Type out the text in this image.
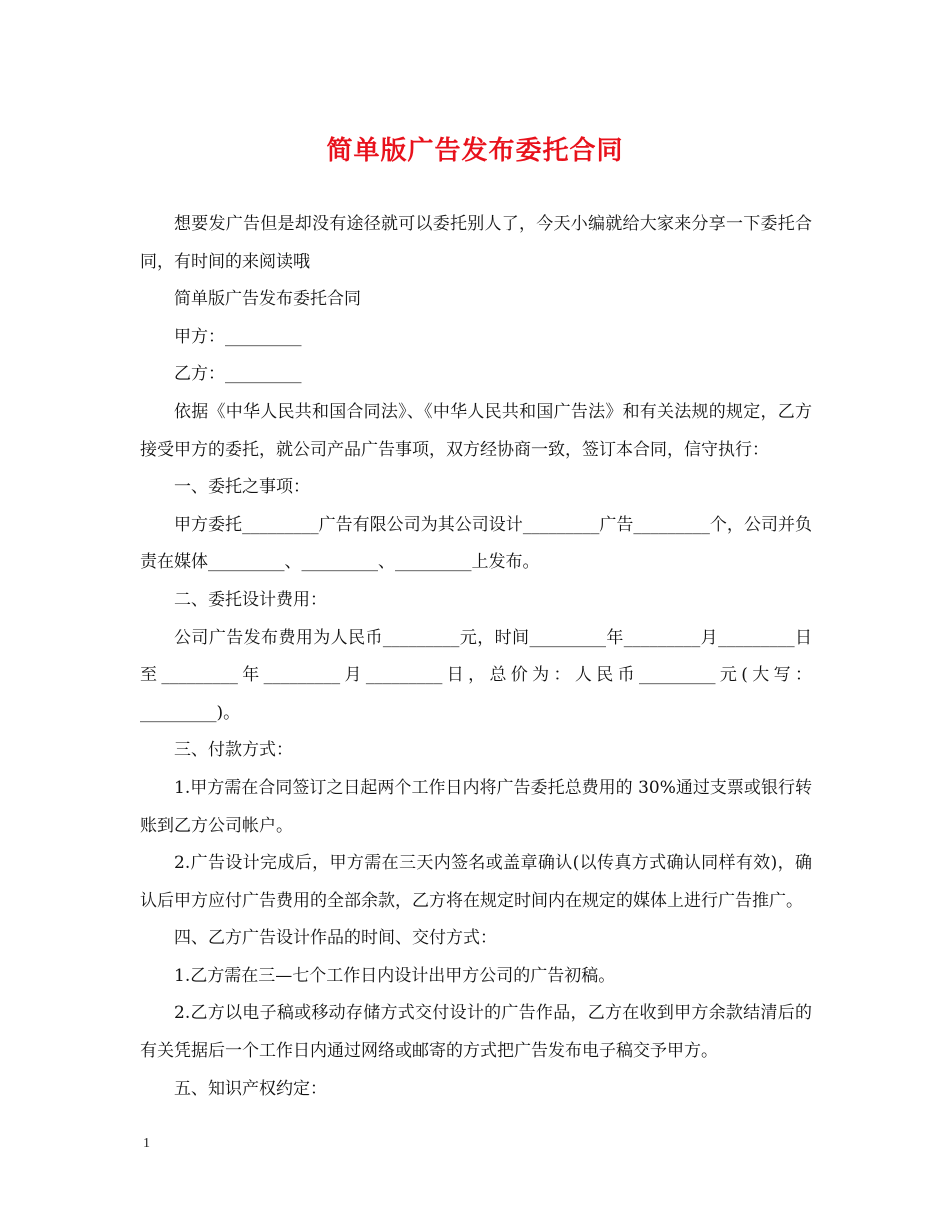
简单版广告发布委托合同

想要发广告但是却没有途径就可以委托别人了，今天小编就给大家来分享一下委托合同，有时间的来阅读哦

简单版广告发布委托合同

甲方：_________

乙方：_________

依据《中华人民共和国合同法》、《中华人民共和国广告法》和有关法规的规定，乙方接受甲方的委托，就公司产品广告事项，双方经协商一致，签订本合同，信守执行：

一、委托之事项：

甲方委托_________广告有限公司为其公司设计_________广告_________个，公司并负责在媒体_________、_________、_________上发布。

二、委托设计费用：

公司广告发布费用为人民币_________元，时间_________年_________月_________日至_________年_________月_________日，总价为：人民币_________元(大写：_________)。

三、付款方式：

1.甲方需在合同签订之日起两个工作日内将广告委托总费用的 30%通过支票或银行转账到乙方公司帐户。

2.广告设计完成后，甲方需在三天内签名或盖章确认(以传真方式确认同样有效)，确认后甲方应付广告费用的全部余款，乙方将在规定时间内在规定的媒体上进行广告推广。

四、乙方广告设计作品的时间、交付方式：

1.乙方需在三—七个工作日内设计出甲方公司的广告初稿。

2.乙方以电子稿或移动存储方式交付设计的广告作品，乙方在收到甲方余款结清后的有关凭据后一个工作日内通过网络或邮寄的方式把广告发布电子稿交予甲方。

五、知识产权约定：

1
